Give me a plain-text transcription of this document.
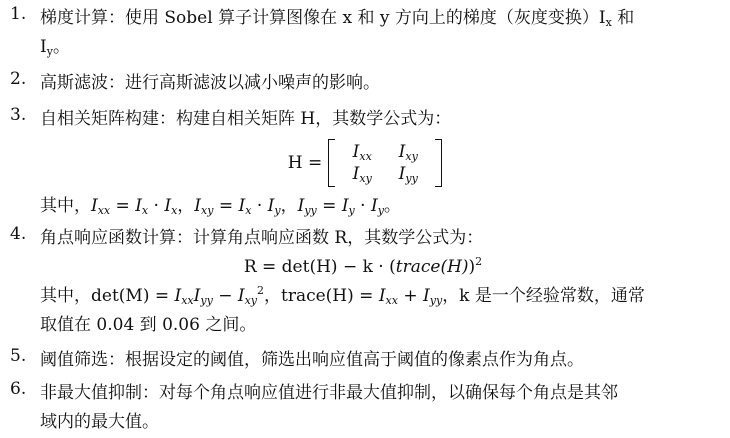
1. 梯度计算：使用 Sobel 算子计算图像在 x 和 y 方向上的梯度（灰度变换）$I_x$ 和
$I_y$。
2. 高斯滤波：进行高斯滤波以减小噪声的影响。
3. 自相关矩阵构建：构建自相关矩阵 H，其数学公式为：
H =
$I_{xx}$	$I_{xy}$
$I_{xy}$	$I_{yy}$
其中，$I_{xx} = I_x \cdot I_x$，$I_{xy} = I_x \cdot I_y$，$I_{yy} = I_y \cdot I_y$。
4. 角点响应函数计算：计算角点响应函数 R，其数学公式为：
R = det(H) − k · (trace(H))$^2$
其中，$\det(M) = I_{xx}I_{yy} - I_{xy}^2$，trace(H) = $I_{xx} + I_{yy}$，k 是一个经验常数，通常
取值在 0.04 到 0.06 之间。
5. 阈值筛选：根据设定的阈值，筛选出响应值高于阈值的像素点作为角点。
6. 非最大值抑制：对每个角点响应值进行非最大值抑制，以确保每个角点是其邻
域内的最大值。
